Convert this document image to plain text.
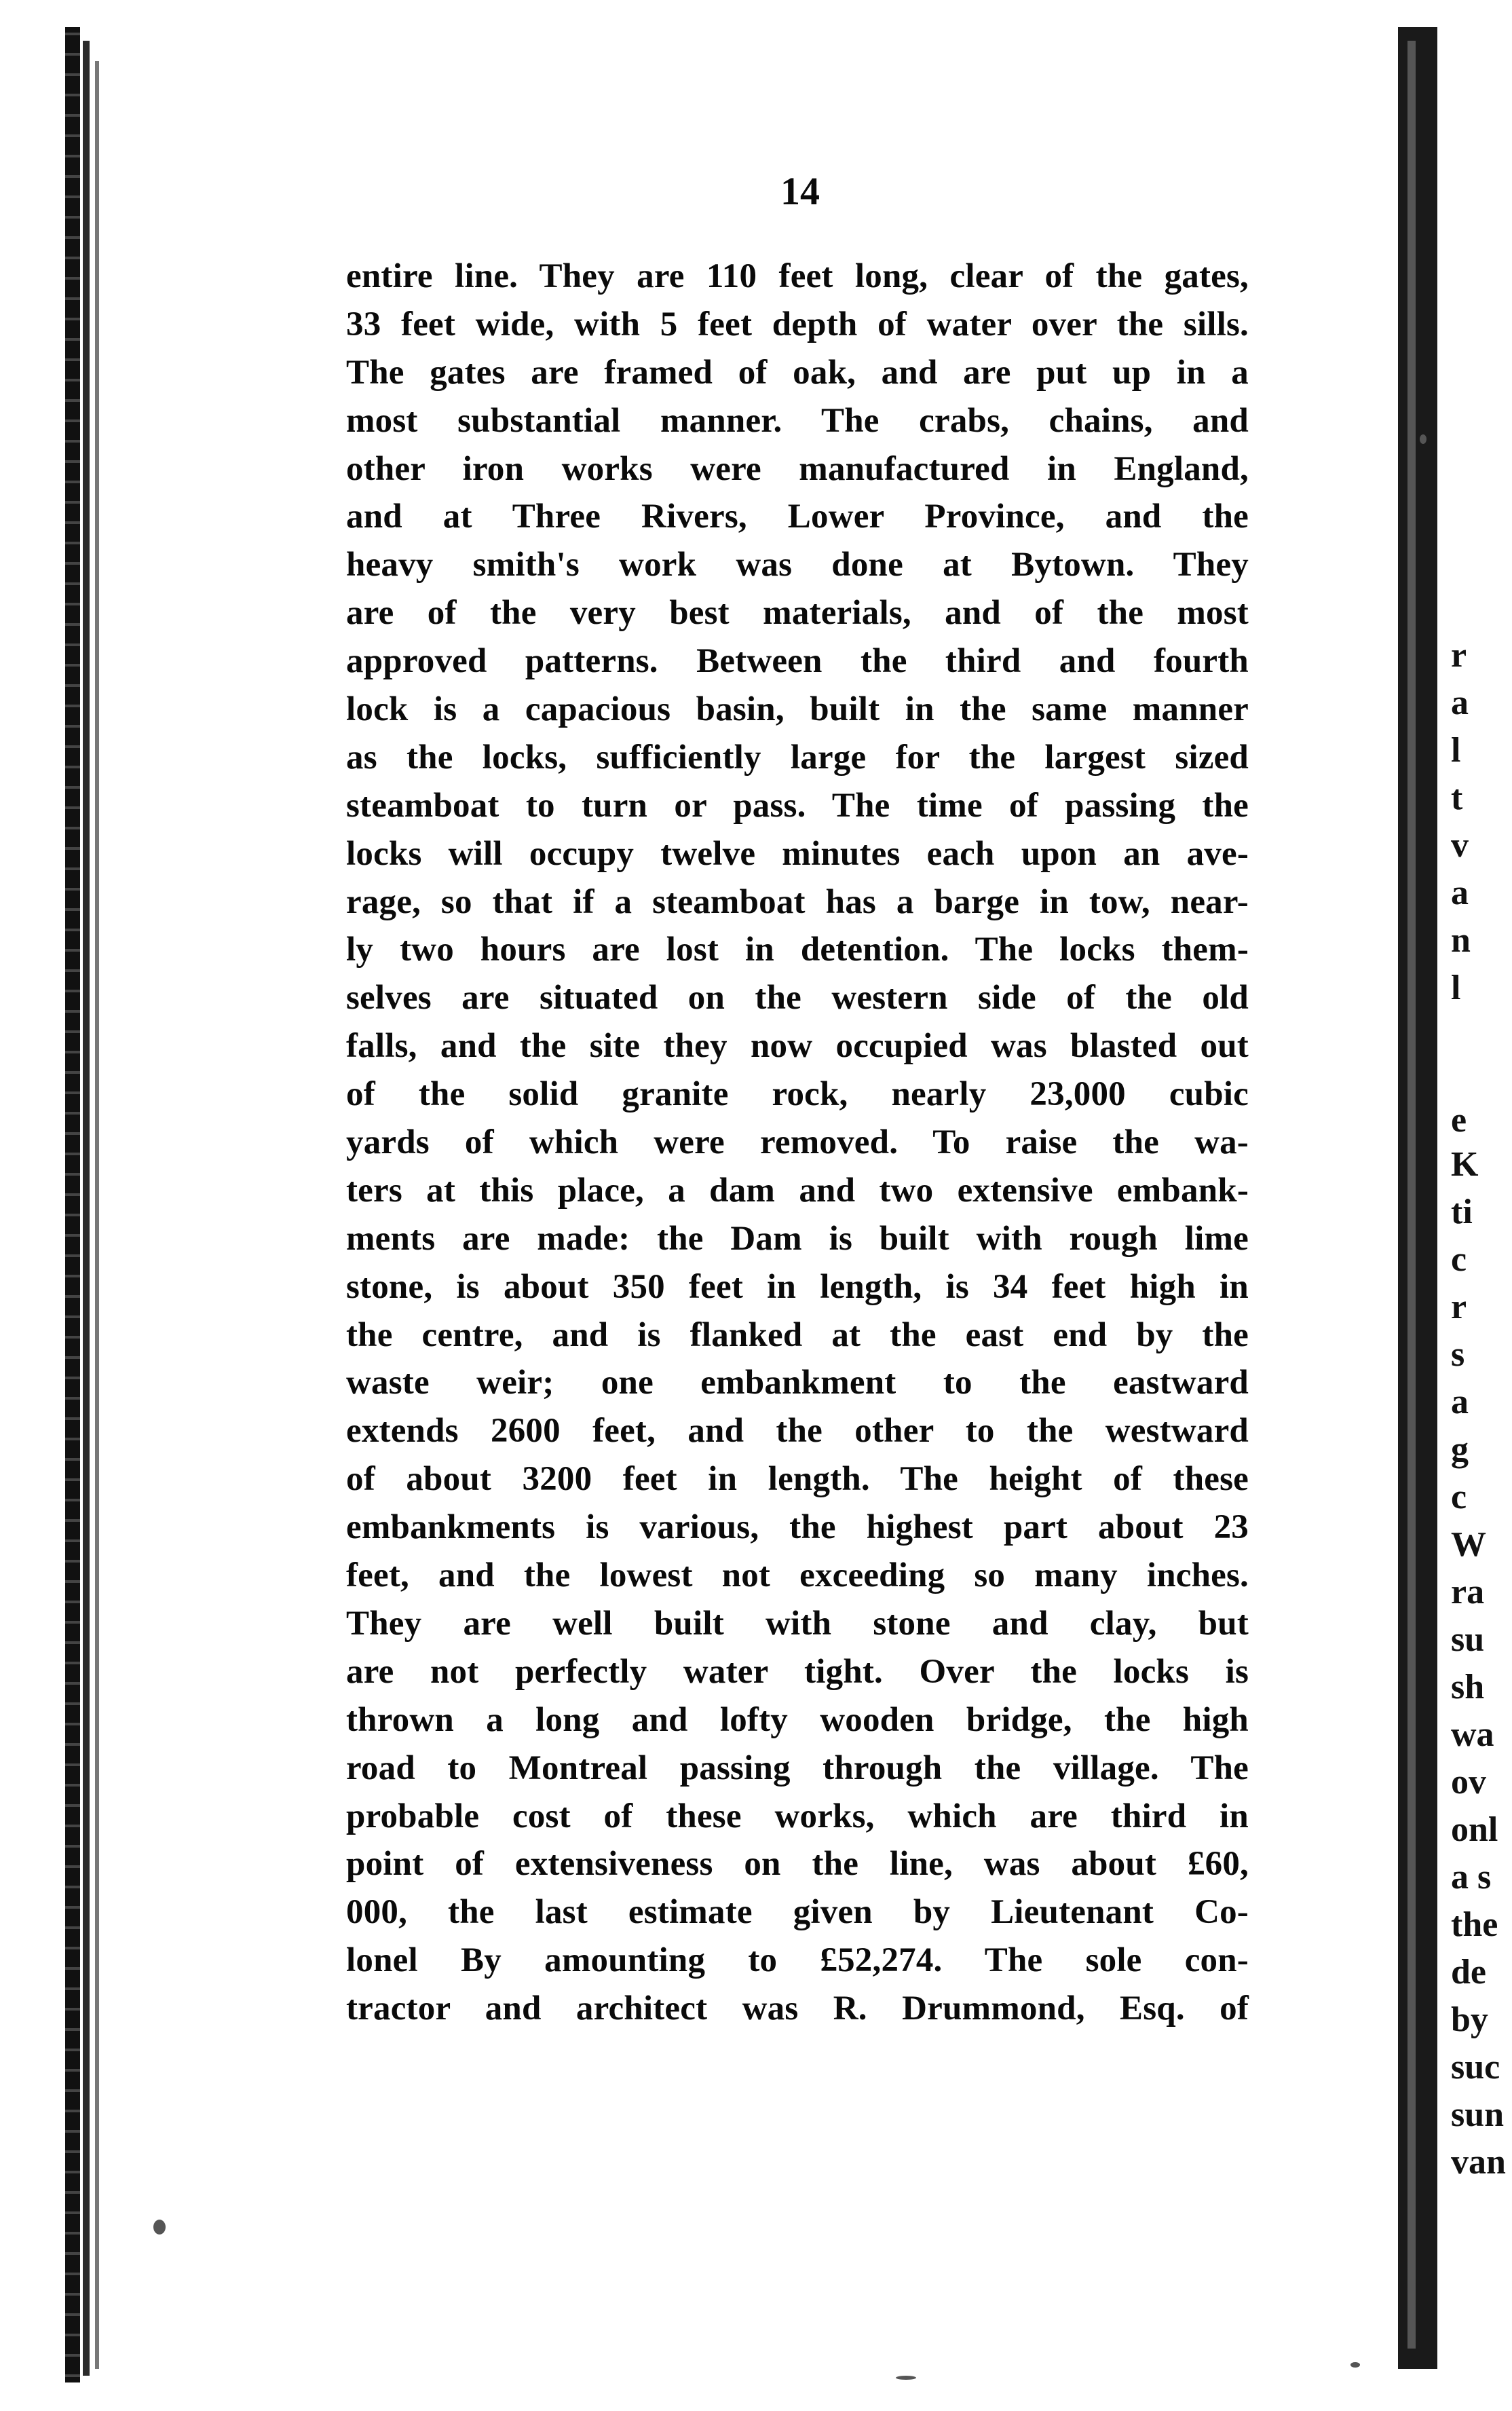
14
entire line. They are 110 feet long, clear of the gates,
33 feet wide, with 5 feet depth of water over the sills.
The gates are framed of oak, and are put up in a
most substantial manner. The crabs, chains, and
other iron works were manufactured in England,
and at Three Rivers, Lower Province, and the
heavy smith's work was done at Bytown. They
are of the very best materials, and of the most
approved patterns. Between the third and fourth
lock is a capacious basin, built in the same manner
as the locks, sufficiently large for the largest sized
steamboat to turn or pass. The time of passing the
locks will occupy twelve minutes each upon an ave-
rage, so that if a steamboat has a barge in tow, near-
ly two hours are lost in detention. The locks them-
selves are situated on the western side of the old
falls, and the site they now occupied was blasted out
of the solid granite rock, nearly 23,000 cubic
yards of which were removed. To raise the wa-
ters at this place, a dam and two extensive embank-
ments are made: the Dam is built with rough lime
stone, is about 350 feet in length, is 34 feet high in
the centre, and is flanked at the east end by the
waste weir; one embankment to the eastward
extends 2600 feet, and the other to the westward
of about 3200 feet in length. The height of these
embankments is various, the highest part about 23
feet, and the lowest not exceeding so many inches.
They are well built with stone and clay, but
are not perfectly water tight. Over the locks is
thrown a long and lofty wooden bridge, the high
road to Montreal passing through the village. The
probable cost of these works, which are third in
point of extensiveness on the line, was about £60,
000, the last estimate given by Lieutenant Co-
lonel By amounting to £52,274. The sole con-
tractor and architect was R. Drummond, Esq. of
r
a
l
t
v
a
n
l
e
K
ti
c
r
s
a
g
c
W
ra
su
sh
wa
ov
onl
a s
the
de
by
suc
sun
van
